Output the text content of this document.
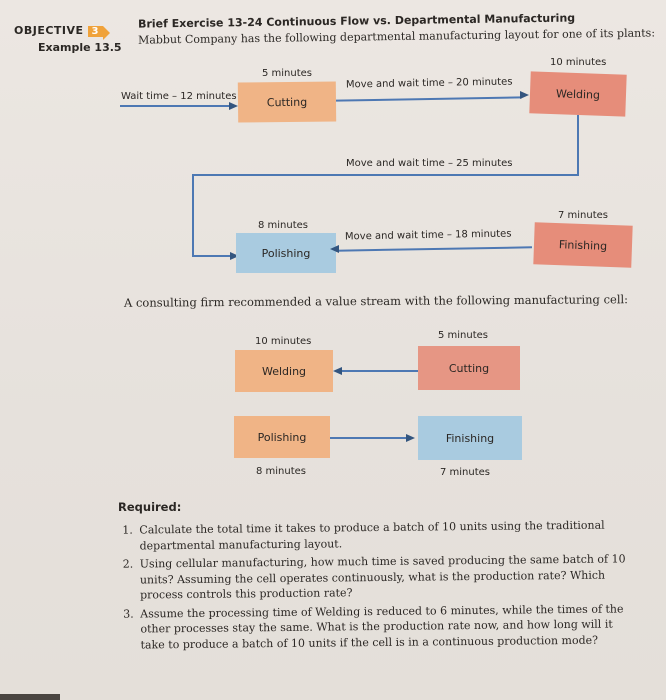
OBJECTIVE 3
Example 13.5
Brief Exercise 13-24 Continuous Flow vs. Departmental Manufacturing
Mabbut Company has the following departmental manufacturing layout for one of its plants:
Wait time – 12 minutes
5 minutes
Cutting
Move and wait time – 20 minutes
10 minutes
Welding
Move and wait time – 25 minutes
8 minutes
Polishing
Move and wait time – 18 minutes
7 minutes
Finishing
A consulting firm recommended a value stream with the following manufacturing cell:
10 minutes
Welding
5 minutes
Cutting
Polishing
8 minutes
Finishing
7 minutes
Required:
1. Calculate the total time it takes to produce a batch of 10 units using the traditional departmental manufacturing layout.
2. Using cellular manufacturing, how much time is saved producing the same batch of 10 units? Assuming the cell operates continuously, what is the production rate? Which process controls this production rate?
3. Assume the processing time of Welding is reduced to 6 minutes, while the times of the other processes stay the same. What is the production rate now, and how long will it take to produce a batch of 10 units if the cell is in a continuous production mode?
